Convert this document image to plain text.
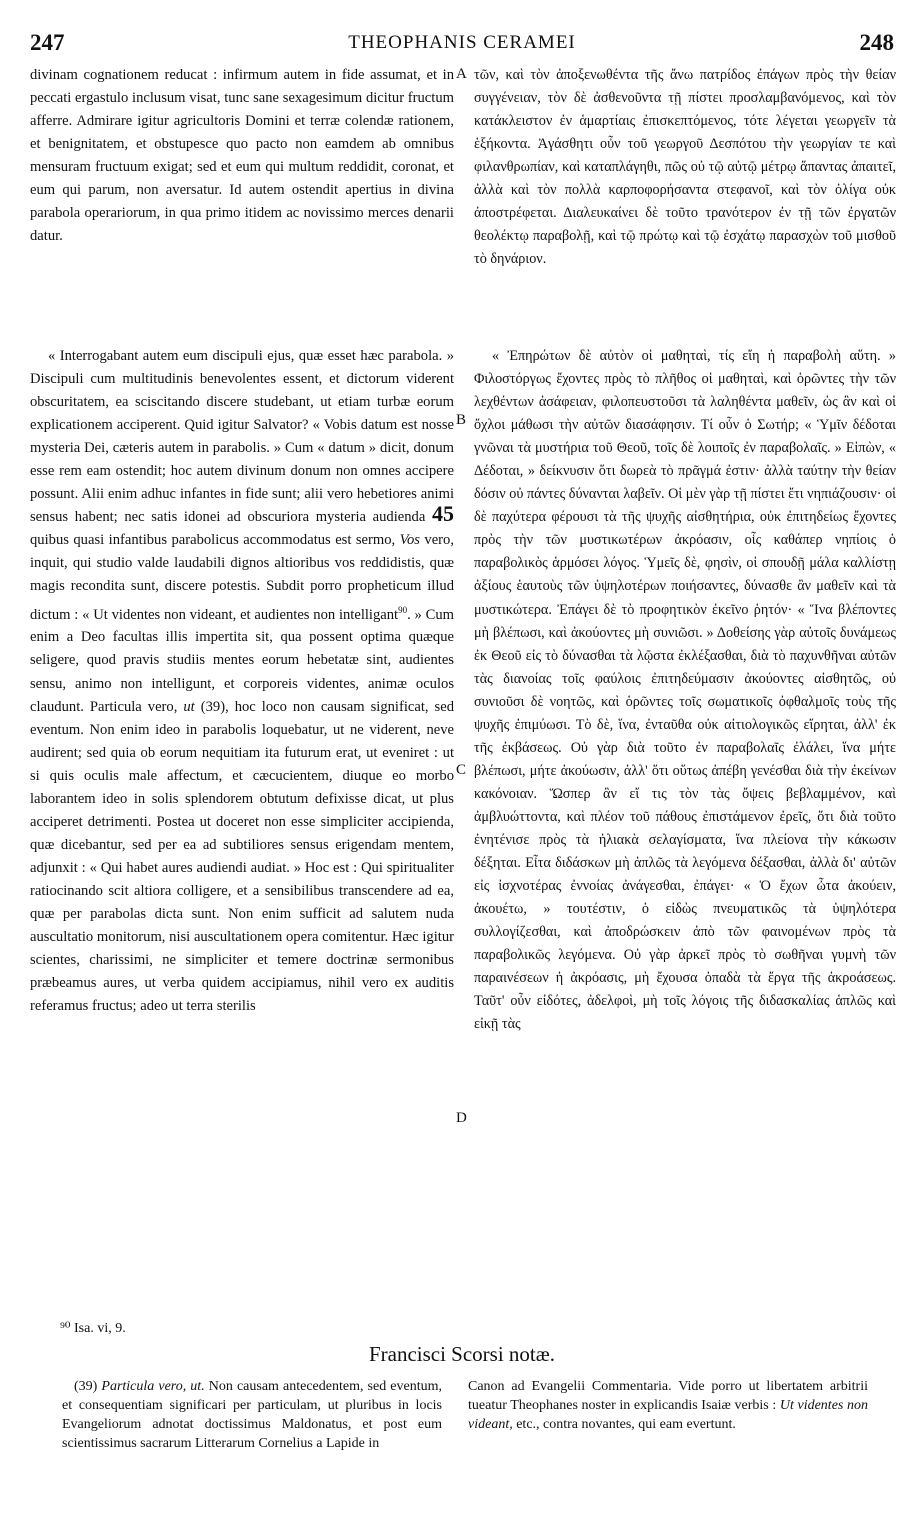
247	THEOPHANIS CERAMEI	248

divinam cognationem reducat : infirmum autem in fide assumat, et in peccati ergastulo inclusum visat, tunc sane sexagesimum dicitur fructum afferre. Admirare igitur agricultoris Domini et terræ colendæ rationem, et benignitatem, et obstupesce quo pacto non eamdem ab omnibus mensuram fructuum exigat; sed et eum qui multum reddidit, coronat, et eum qui parum, non aversatur. Id autem ostendit apertius in divina parabola operariorum, in qua primo itidem ac novissimo merces denarii datur.

« Interrogabant autem eum discipuli ejus, quæ esset hæc parabola. » Discipuli cum multitudinis benevolentes essent, et dictorum viderent obscuritatem, ea sciscitando discere studebant, ut etiam turbæ eorum explicationem acciperent. Quid igitur Salvator? « Vobis datum est nosse mysteria Dei, cæteris autem in parabolis. » Cum « datum » dicit, donum esse rem eam ostendit; hoc autem divinum donum non omnes accipere possunt. Alii enim adhuc infantes in fide sunt; alii vero hebetiores animi sensus habent; nec satis idonei ad obscuriora mysteria audienda 45 quibus quasi infantibus parabolicus accommodatus est sermo, Vos vero, inquit, qui studio valde laudabili dignos altioribus vos reddidistis, quæ magis recondita sunt, discere potestis. Subdit porro propheticum illud dictum : « Ut videntes non videant, et audientes non intelligant$^{90}$. » Cum enim a Deo facultas illis impertita sit, qua possent optima quæque seligere, quod pravis studiis mentes eorum hebetatæ sint, audientes sensu, animo non intelligunt, et corporeis videntes, animæ oculos claudunt. Particula vero, ut (39), hoc loco non causam significat, sed eventum. Non enim ideo in parabolis loquebatur, ut ne viderent, neve audirent; sed quia ob eorum nequitiam ita futurum erat, ut eveniret : ut si quis oculis male affectum, et cæcucientem, diuque eo morbo laborantem ideo in solis splendorem obtutum defixisse dicat, ut plus acciperet detrimenti. Postea ut doceret non esse simpliciter accipienda, quæ dicebantur, sed per ea ad subtiliores sensus erigendam mentem, adjunxit : « Qui habet aures audiendi audiat. » Hoc est : Qui spiritualiter ratiocinando scit altiora colligere, et a sensibilibus transcendere ad ea, quæ per parabolas dicta sunt. Non enim sufficit ad salutem nuda auscultatio monitorum, nisi auscultationem opera comitentur. Hæc igitur scientes, charissimi, ne simpliciter et temere doctrinæ sermonibus præbeamus aures, ut verba quidem accipiamus, nihil vero ex auditis referamus fructus; adeo ut terra sterilis

A
B
C
D

τῶν, καὶ τὸν ἀποξενωθέντα τῆς ἄνω πατρίδος ἐπάγων πρὸς τὴν θείαν συγγένειαν, τὸν δὲ ἀσθενοῦντα τῇ πίστει προσλαμβανόμενος, καὶ τὸν κατάκλειστον ἐν ἁμαρτίαις ἐπισκεπτόμενος, τότε λέγεται γεωργεῖν τὰ ἑξήκοντα. Ἀγάσθητι οὖν τοῦ γεωργοῦ Δεσπότου τὴν γεωργίαν τε καὶ φιλανθρωπίαν, καὶ καταπλάγηθι, πῶς οὐ τῷ αὐτῷ μέτρῳ ἅπαντας ἀπαιτεῖ, ἀλλὰ καὶ τὸν πολλὰ καρποφορήσαντα στεφανοῖ, καὶ τὸν ὀλίγα οὐκ ἀποστρέφεται. Διαλευκαίνει δὲ τοῦτο τρανότερον ἐν τῇ τῶν ἐργατῶν θεολέκτῳ παραβολῇ, καὶ τῷ πρώτῳ καὶ τῷ ἐσχάτῳ παρασχὼν τοῦ μισθοῦ τὸ δηνάριον.

« Ἐπηρώτων δὲ αὐτὸν οἱ μαθηταὶ, τίς εἴη ἡ παραβολὴ αὕτη. » Φιλοστόργως ἔχοντες πρὸς τὸ πλῆθος οἱ μαθηταὶ, καὶ ὁρῶντες τὴν τῶν λεχθέντων ἀσάφειαν, φιλοπευστοῦσι τὰ λαληθέντα μαθεῖν, ὡς ἂν καὶ οἱ ὄχλοι μάθωσι τὴν αὐτῶν διασάφησιν. Τί οὖν ὁ Σωτήρ; « Ὑμῖν δέδοται γνῶναι τὰ μυστήρια τοῦ Θεοῦ, τοῖς δὲ λοιποῖς ἐν παραβολαῖς. » Εἰπὼν, « Δέδοται, » δείκνυσιν ὅτι δωρεὰ τὸ πρᾶγμά ἐστιν· ἀλλὰ ταύτην τὴν θείαν δόσιν οὐ πάντες δύνανται λαβεῖν. Οἱ μὲν γὰρ τῇ πίστει ἔτι νηπιάζουσιν· οἱ δὲ παχύτερα φέρουσι τὰ τῆς ψυχῆς αἰσθητήρια, οὐκ ἐπιτηδείως ἔχοντες πρὸς τὴν τῶν μυστικωτέρων ἀκρόασιν, οἷς καθάπερ νηπίοις ὁ παραβολικὸς ἁρμόσει λόγος. Ὑμεῖς δὲ, φησὶν, οἱ σπουδῇ μάλα καλλίστῃ ἀξίους ἑαυτοὺς τῶν ὑψηλοτέρων ποιήσαντες, δύνασθε ἂν μαθεῖν καὶ τὰ μυστικώτερα. Ἐπάγει δὲ τὸ προφητικὸν ἐκεῖνο ῥητόν· « Ἵνα βλέποντες μὴ βλέπωσι, καὶ ἀκούοντες μὴ συνιῶσι. » Δοθείσης γὰρ αὐτοῖς δυνάμεως ἐκ Θεοῦ εἰς τὸ δύνασθαι τὰ λῷστα ἐκλέξασθαι, διὰ τὸ παχυνθῆναι αὐτῶν τὰς διανοίας τοῖς φαύλοις ἐπιτηδεύμασιν ἀκούοντες αἰσθητῶς, οὐ συνιοῦσι δὲ νοητῶς, καὶ ὁρῶντες τοῖς σωματικοῖς ὀφθαλμοῖς τοὺς τῆς ψυχῆς ἐπιμύωσι. Τὸ δὲ, ἵνα, ἐνταῦθα οὐκ αἰτιολογικῶς εἴρηται, ἀλλ' ἐκ τῆς ἐκβάσεως. Οὐ γὰρ διὰ τοῦτο ἐν παραβολαῖς ἐλάλει, ἵνα μήτε βλέπωσι, μήτε ἀκούωσιν, ἀλλ' ὅτι οὕτως ἀπέβη γενέσθαι διὰ τὴν ἐκείνων κακόνοιαν. Ὥσπερ ἂν εἴ τις τὸν τὰς ὄψεις βεβλαμμένον, καὶ ἀμβλυώττοντα, καὶ πλέον τοῦ πάθους ἐπιστάμενον ἐρεῖς, ὅτι διὰ τοῦτο ἐνητένισε πρὸς τὰ ἡλιακὰ σελαγίσματα, ἵνα πλείονα τὴν κάκωσιν δέξηται. Εἶτα διδάσκων μὴ ἁπλῶς τὰ λεγόμενα δέξασθαι, ἀλλὰ δι' αὐτῶν εἰς ἰσχνοτέρας ἐννοίας ἀνάγεσθαι, ἐπάγει· « Ὁ ἔχων ὦτα ἀκούειν, ἀκουέτω, » τουτέστιν, ὁ εἰδὼς πνευματικῶς τὰ ὑψηλότερα συλλογίζεσθαι, καὶ ἀποδρώσκειν ἀπὸ τῶν φαινομένων πρὸς τὰ παραβολικῶς λεγόμενα. Οὐ γὰρ ἀρκεῖ πρὸς τὸ σωθῆναι γυμνὴ τῶν παραινέσεων ἡ ἀκρόασις, μὴ ἔχουσα ὀπαδὰ τὰ ἔργα τῆς ἀκροάσεως. Ταῦτ' οὖν εἰδότες, ἀδελφοὶ, μὴ τοῖς λόγοις τῆς διδασκαλίας ἁπλῶς καὶ εἰκῇ τὰς

⁹⁰ Isa. vi, 9.
Francisci Scorsi notæ.
(39) Particula vero, ut. Non causam antecedentem, sed eventum, et consequentiam significari per particulam, ut pluribus in locis Evangeliorum adnotat doctissimus Maldonatus, et post eum scientissimus sacrarum Litterarum Cornelius a Lapide in
Canon ad Evangelii Commentaria. Vide porro ut libertatem arbitrii tueatur Theophanes noster in explicandis Isaiæ verbis : Ut videntes non videant, etc., contra novantes, qui eam evertunt.
